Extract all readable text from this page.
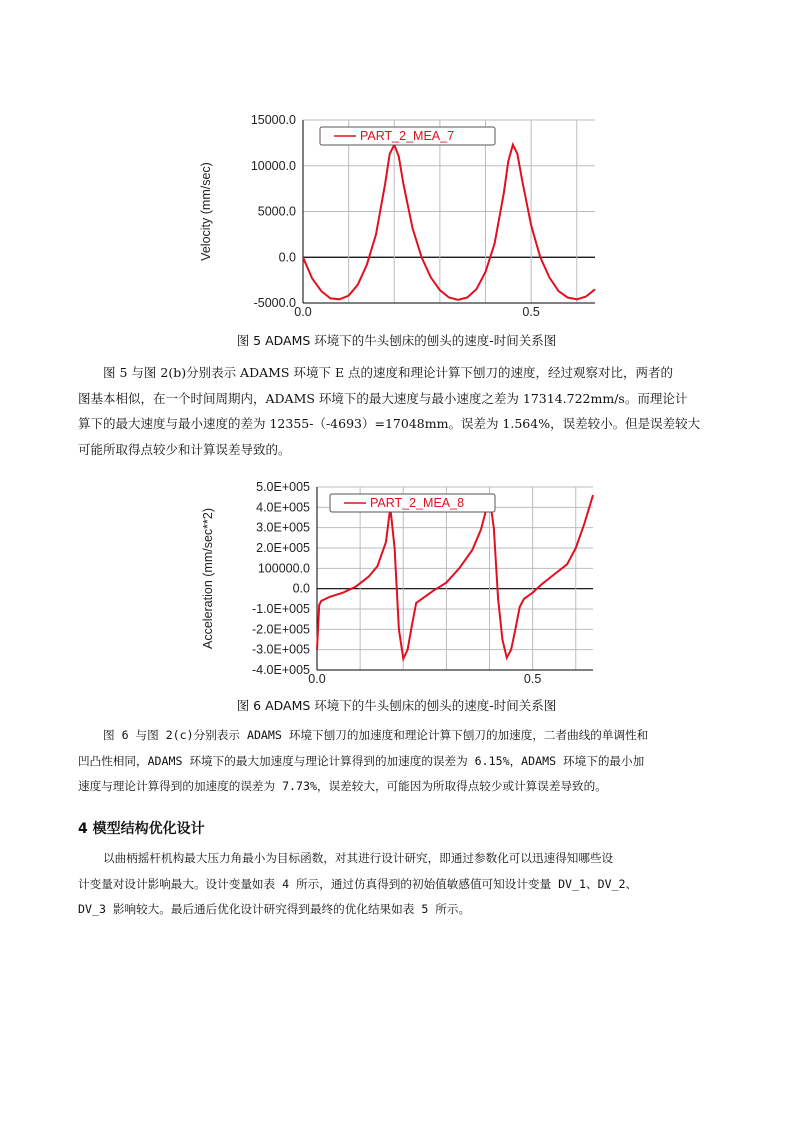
15000.0
10000.0
5000.0
0.0
-5000.0
0.0	0.5
Velocity (mm/sec)
PART_2_MEA_7
图 5 ADAMS 环境下的牛头刨床的刨头的速度-时间关系图
图 5 与图 2(b)分别表示 ADAMS 环境下 E 点的速度和理论计算下刨刀的速度，经过观察对比，两者的
图基本相似，在一个时间周期内，ADAMS 环境下的最大速度与最小速度之差为 17314.722mm/s。而理论计
算下的最大速度与最小速度的差为 12355-（-4693）=17048mm。误差为 1.564%，误差较小。但是误差较大
可能所取得点较少和计算误差导致的。
5.0E+005
4.0E+005
3.0E+005
2.0E+005
100000.0
0.0
-1.0E+005
-2.0E+005
-3.0E+005
-4.0E+005
0.0	0.5
Acceleration (mm/sec**2)
PART_2_MEA_8
图 6 ADAMS 环境下的牛头刨床的刨头的速度-时间关系图
图 6 与图 2(c)分别表示 ADAMS 环境下刨刀的加速度和理论计算下刨刀的加速度，二者曲线的单调性和
凹凸性相同，ADAMS 环境下的最大加速度与理论计算得到的加速度的误差为 6.15%，ADAMS 环境下的最小加
速度与理论计算得到的加速度的误差为 7.73%，误差较大，可能因为所取得点较少或计算误差导致的。
4 模型结构优化设计
以曲柄摇杆机构最大压力角最小为目标函数，对其进行设计研究，即通过参数化可以迅速得知哪些设
计变量对设计影响最大。设计变量如表 4 所示，通过仿真得到的初始值敏感值可知设计变量 DV_1、DV_2、
DV_3 影响较大。最后通后优化设计研究得到最终的优化结果如表 5 所示。
